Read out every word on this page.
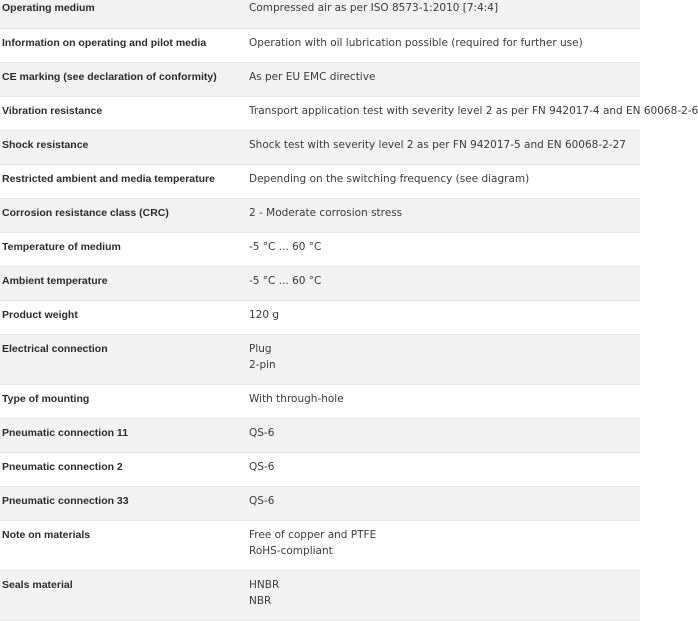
Operating medium	Compressed air as per ISO 8573-1:2010 [7:4:4]

Information on operating and pilot media	Operation with oil lubrication possible (required for further use)

CE marking (see declaration of conformity)	As per EU EMC directive

Vibration resistance	Transport application test with severity level 2 as per FN 942017-4 and EN 60068-2-6

Shock resistance	Shock test with severity level 2 as per FN 942017-5 and EN 60068-2-27

Restricted ambient and media temperature	Depending on the switching frequency (see diagram)

Corrosion resistance class (CRC)	2 - Moderate corrosion stress

Temperature of medium	-5 °C ... 60 °C

Ambient temperature	-5 °C ... 60 °C

Product weight	120 g

Electrical connection	Plug
2-pin

Type of mounting	With through-hole

Pneumatic connection 11	QS-6

Pneumatic connection 2	QS-6

Pneumatic connection 33	QS-6

Note on materials	Free of copper and PTFE
RoHS-compliant

Seals material	HNBR
NBR
